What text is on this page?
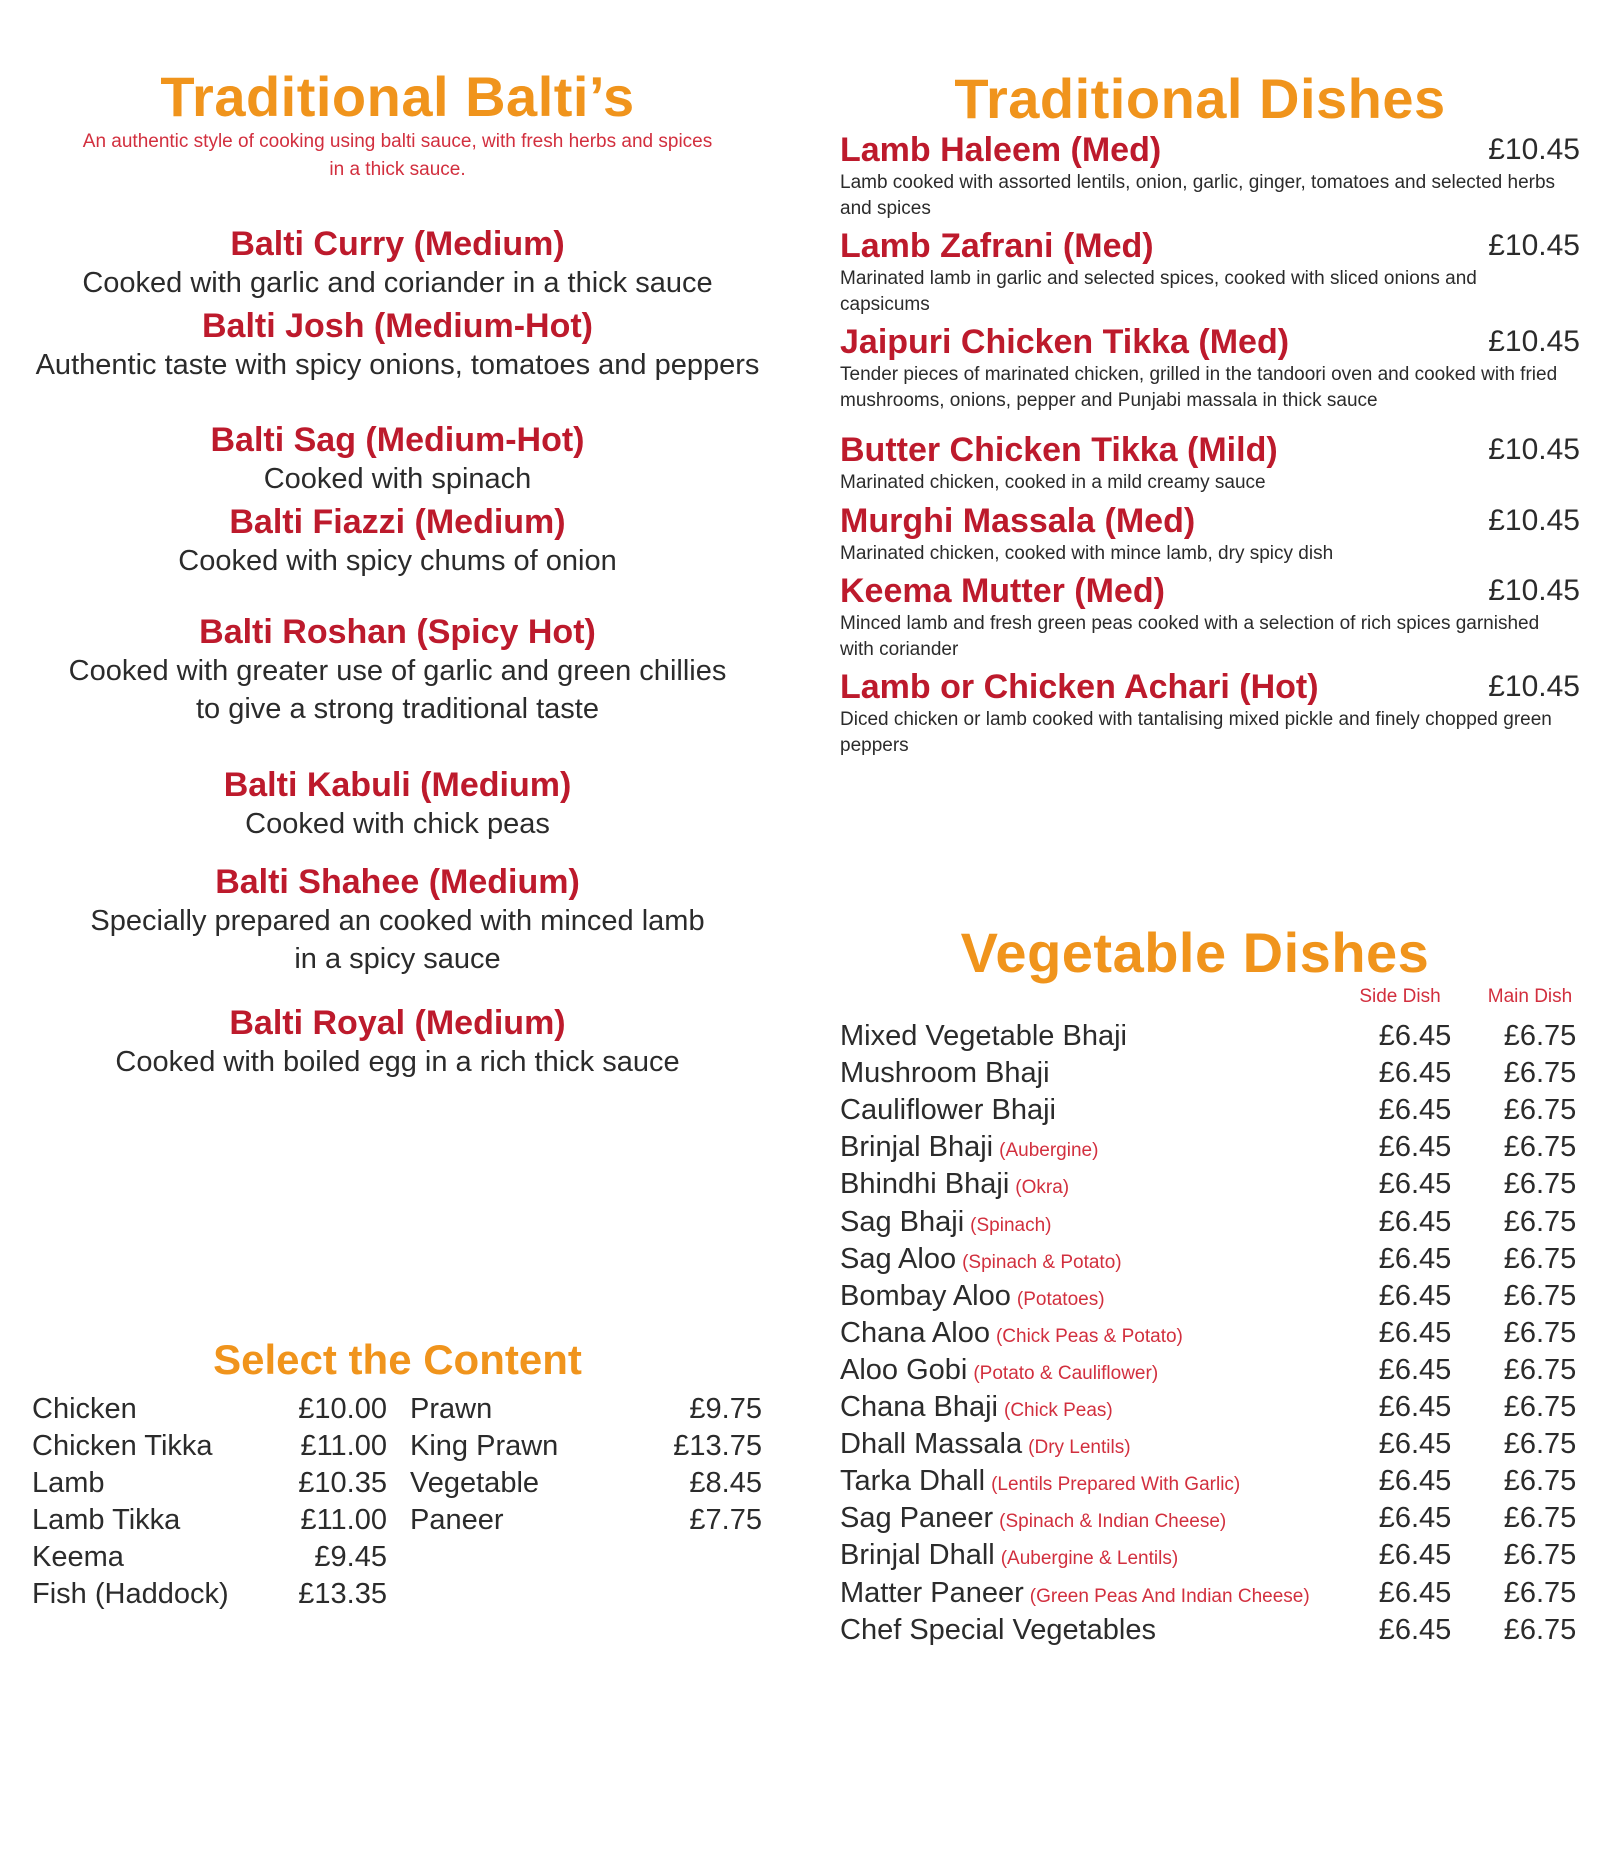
Traditional Balti’s
An authentic style of cooking using balti sauce, with fresh herbs and spices in a thick sauce.
Balti Curry (Medium)
Cooked with garlic and coriander in a thick sauce
Balti Josh (Medium-Hot)
Authentic taste with spicy onions, tomatoes and peppers
Balti Sag (Medium-Hot)
Cooked with spinach
Balti Fiazzi (Medium)
Cooked with spicy chums of onion
Balti Roshan (Spicy Hot)
Cooked with greater use of garlic and green chillies to give a strong traditional taste
Balti Kabuli (Medium)
Cooked with chick peas
Balti Shahee (Medium)
Specially prepared an cooked with minced lamb in a spicy sauce
Balti Royal (Medium)
Cooked with boiled egg in a rich thick sauce
Select the Content
Chicken	£10.00
Chicken Tikka	£11.00
Lamb	£10.35
Lamb Tikka	£11.00
Keema	£9.45
Fish (Haddock) £13.35
Prawn	£9.75
King Prawn	£13.75
Vegetable	£8.45
Paneer	£7.75
Traditional Dishes
Lamb Haleem (Med)	£10.45
Lamb cooked with assorted lentils, onion, garlic, ginger, tomatoes and selected herbs and spices
Lamb Zafrani (Med)	£10.45
Marinated lamb in garlic and selected spices, cooked with sliced onions and capsicums
Jaipuri Chicken Tikka (Med)	£10.45
Tender pieces of marinated chicken, grilled in the tandoori oven and cooked with fried mushrooms, onions, pepper and Punjabi massala in thick sauce
Butter Chicken Tikka (Mild)	£10.45
Marinated chicken, cooked in a mild creamy sauce
Murghi Massala (Med)	£10.45
Marinated chicken, cooked with mince lamb, dry spicy dish
Keema Mutter (Med)	£10.45
Minced lamb and fresh green peas cooked with a selection of rich spices garnished with coriander
Lamb or Chicken Achari (Hot)	£10.45
Diced chicken or lamb cooked with tantalising mixed pickle and finely chopped green peppers
Vegetable Dishes
Side Dish	Main Dish
Mixed Vegetable Bhaji	£6.45	£6.75
Mushroom Bhaji	£6.45	£6.75
Cauliflower Bhaji	£6.45	£6.75
Brinjal Bhaji (Aubergine)	£6.45	£6.75
Bhindhi Bhaji (Okra)	£6.45	£6.75
Sag Bhaji (Spinach)	£6.45	£6.75
Sag Aloo (Spinach & Potato)	£6.45	£6.75
Bombay Aloo (Potatoes)	£6.45	£6.75
Chana Aloo (Chick Peas & Potato)	£6.45	£6.75
Aloo Gobi (Potato & Cauliflower)	£6.45	£6.75
Chana Bhaji (Chick Peas)	£6.45	£6.75
Dhall Massala (Dry Lentils)	£6.45	£6.75
Tarka Dhall (Lentils Prepared With Garlic)	£6.45	£6.75
Sag Paneer (Spinach & Indian Cheese)	£6.45	£6.75
Brinjal Dhall (Aubergine & Lentils)	£6.45	£6.75
Matter Paneer (Green Peas And Indian Cheese)	£6.45	£6.75
Chef Special Vegetables	£6.45	£6.75
